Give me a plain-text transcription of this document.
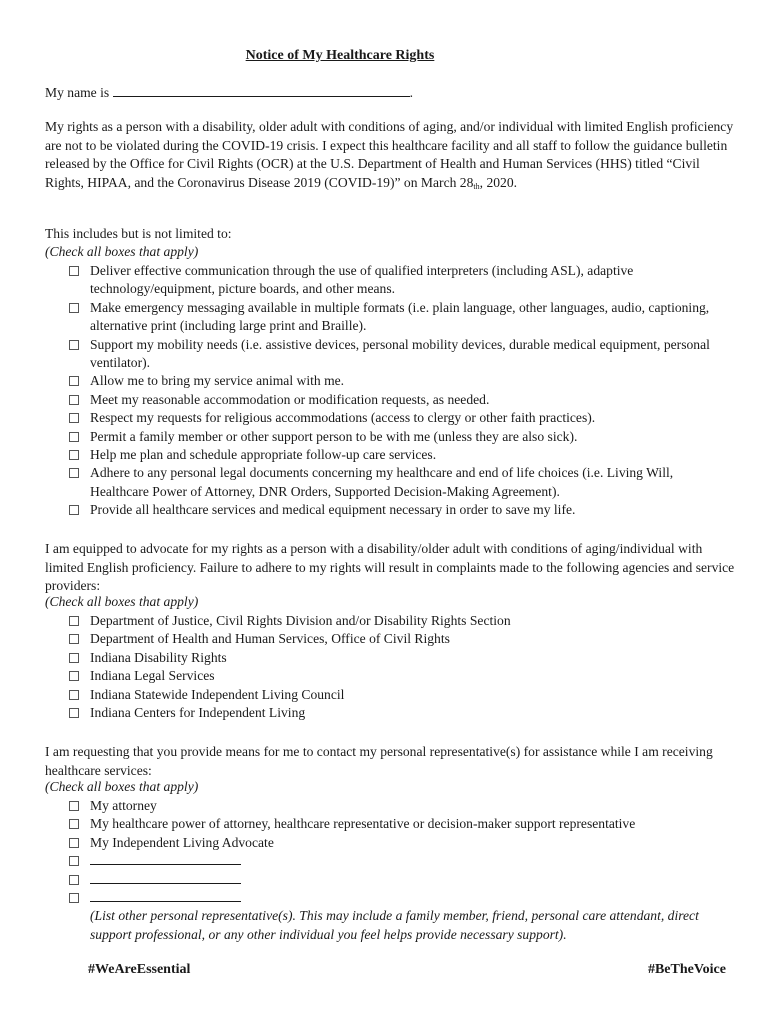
Notice of My Healthcare Rights
My name is	.
My rights as a person with a disability, older adult with conditions of aging, and/or individual with limited English proficiency are not to be violated during the COVID-19 crisis. I expect this healthcare facility and all staff to follow the guidance bulletin released by the Office for Civil Rights (OCR) at the U.S. Department of Health and Human Services (HHS) titled “Civil Rights, HIPAA, and the Coronavirus Disease 2019 (COVID-19)” on March 28th, 2020.
This includes but is not limited to:
(Check all boxes that apply)
Deliver effective communication through the use of qualified interpreters (including ASL), adaptive technology/equipment, picture boards, and other means.
Make emergency messaging available in multiple formats (i.e. plain language, other languages, audio, captioning, alternative print (including large print and Braille).
Support my mobility needs (i.e. assistive devices, personal mobility devices, durable medical equipment, personal ventilator).
Allow me to bring my service animal with me.
Meet my reasonable accommodation or modification requests, as needed.
Respect my requests for religious accommodations (access to clergy or other faith practices).
Permit a family member or other support person to be with me (unless they are also sick).
Help me plan and schedule appropriate follow-up care services.
Adhere to any personal legal documents concerning my healthcare and end of life choices (i.e. Living Will, Healthcare Power of Attorney, DNR Orders, Supported Decision-Making Agreement).
Provide all healthcare services and medical equipment necessary in order to save my life.
I am equipped to advocate for my rights as a person with a disability/older adult with conditions of aging/individual with limited English proficiency. Failure to adhere to my rights will result in complaints made to the following agencies and service providers:
(Check all boxes that apply)
Department of Justice, Civil Rights Division and/or Disability Rights Section
Department of Health and Human Services, Office of Civil Rights
Indiana Disability Rights
Indiana Legal Services
Indiana Statewide Independent Living Council
Indiana Centers for Independent Living
I am requesting that you provide means for me to contact my personal representative(s) for assistance while I am receiving healthcare services:
(Check all boxes that apply)
My attorney
My healthcare power of attorney, healthcare representative or decision-maker support representative
My Independent Living Advocate
(List other personal representative(s). This may include a family member, friend, personal care attendant, direct support professional, or any other individual you feel helps provide necessary support).
#WeAreEssential	#BeTheVoice
